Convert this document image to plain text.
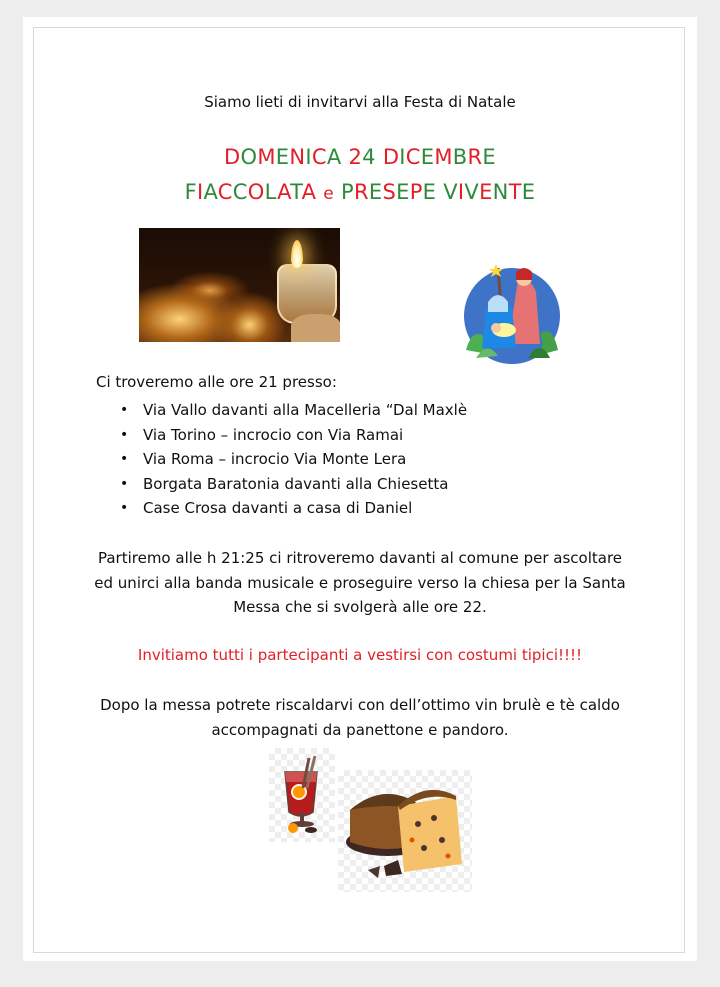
Siamo lieti di invitarvi alla Festa di Natale
DOMENICA 24 DICEMBRE
FIACCOLATA e PRESEPE VIVENTE
Ci troveremo alle ore 21 presso:
• Via Vallo davanti alla Macelleria “Dal Maxlè
• Via Torino – incrocio con Via Ramai
• Via Roma – incrocio Via Monte Lera
• Borgata Baratonia davanti alla Chiesetta
• Case Crosa davanti a casa di Daniel
Partiremo alle h 21:25 ci ritroveremo davanti al comune per ascoltare
ed unirci alla banda musicale e proseguire verso la chiesa per la Santa
Messa che si svolgerà alle ore 22.
Invitiamo tutti i partecipanti a vestirsi con costumi tipici!!!!
Dopo la messa potrete riscaldarvi con dell’ottimo vin brulè e tè caldo
accompagnati da panettone e pandoro.
